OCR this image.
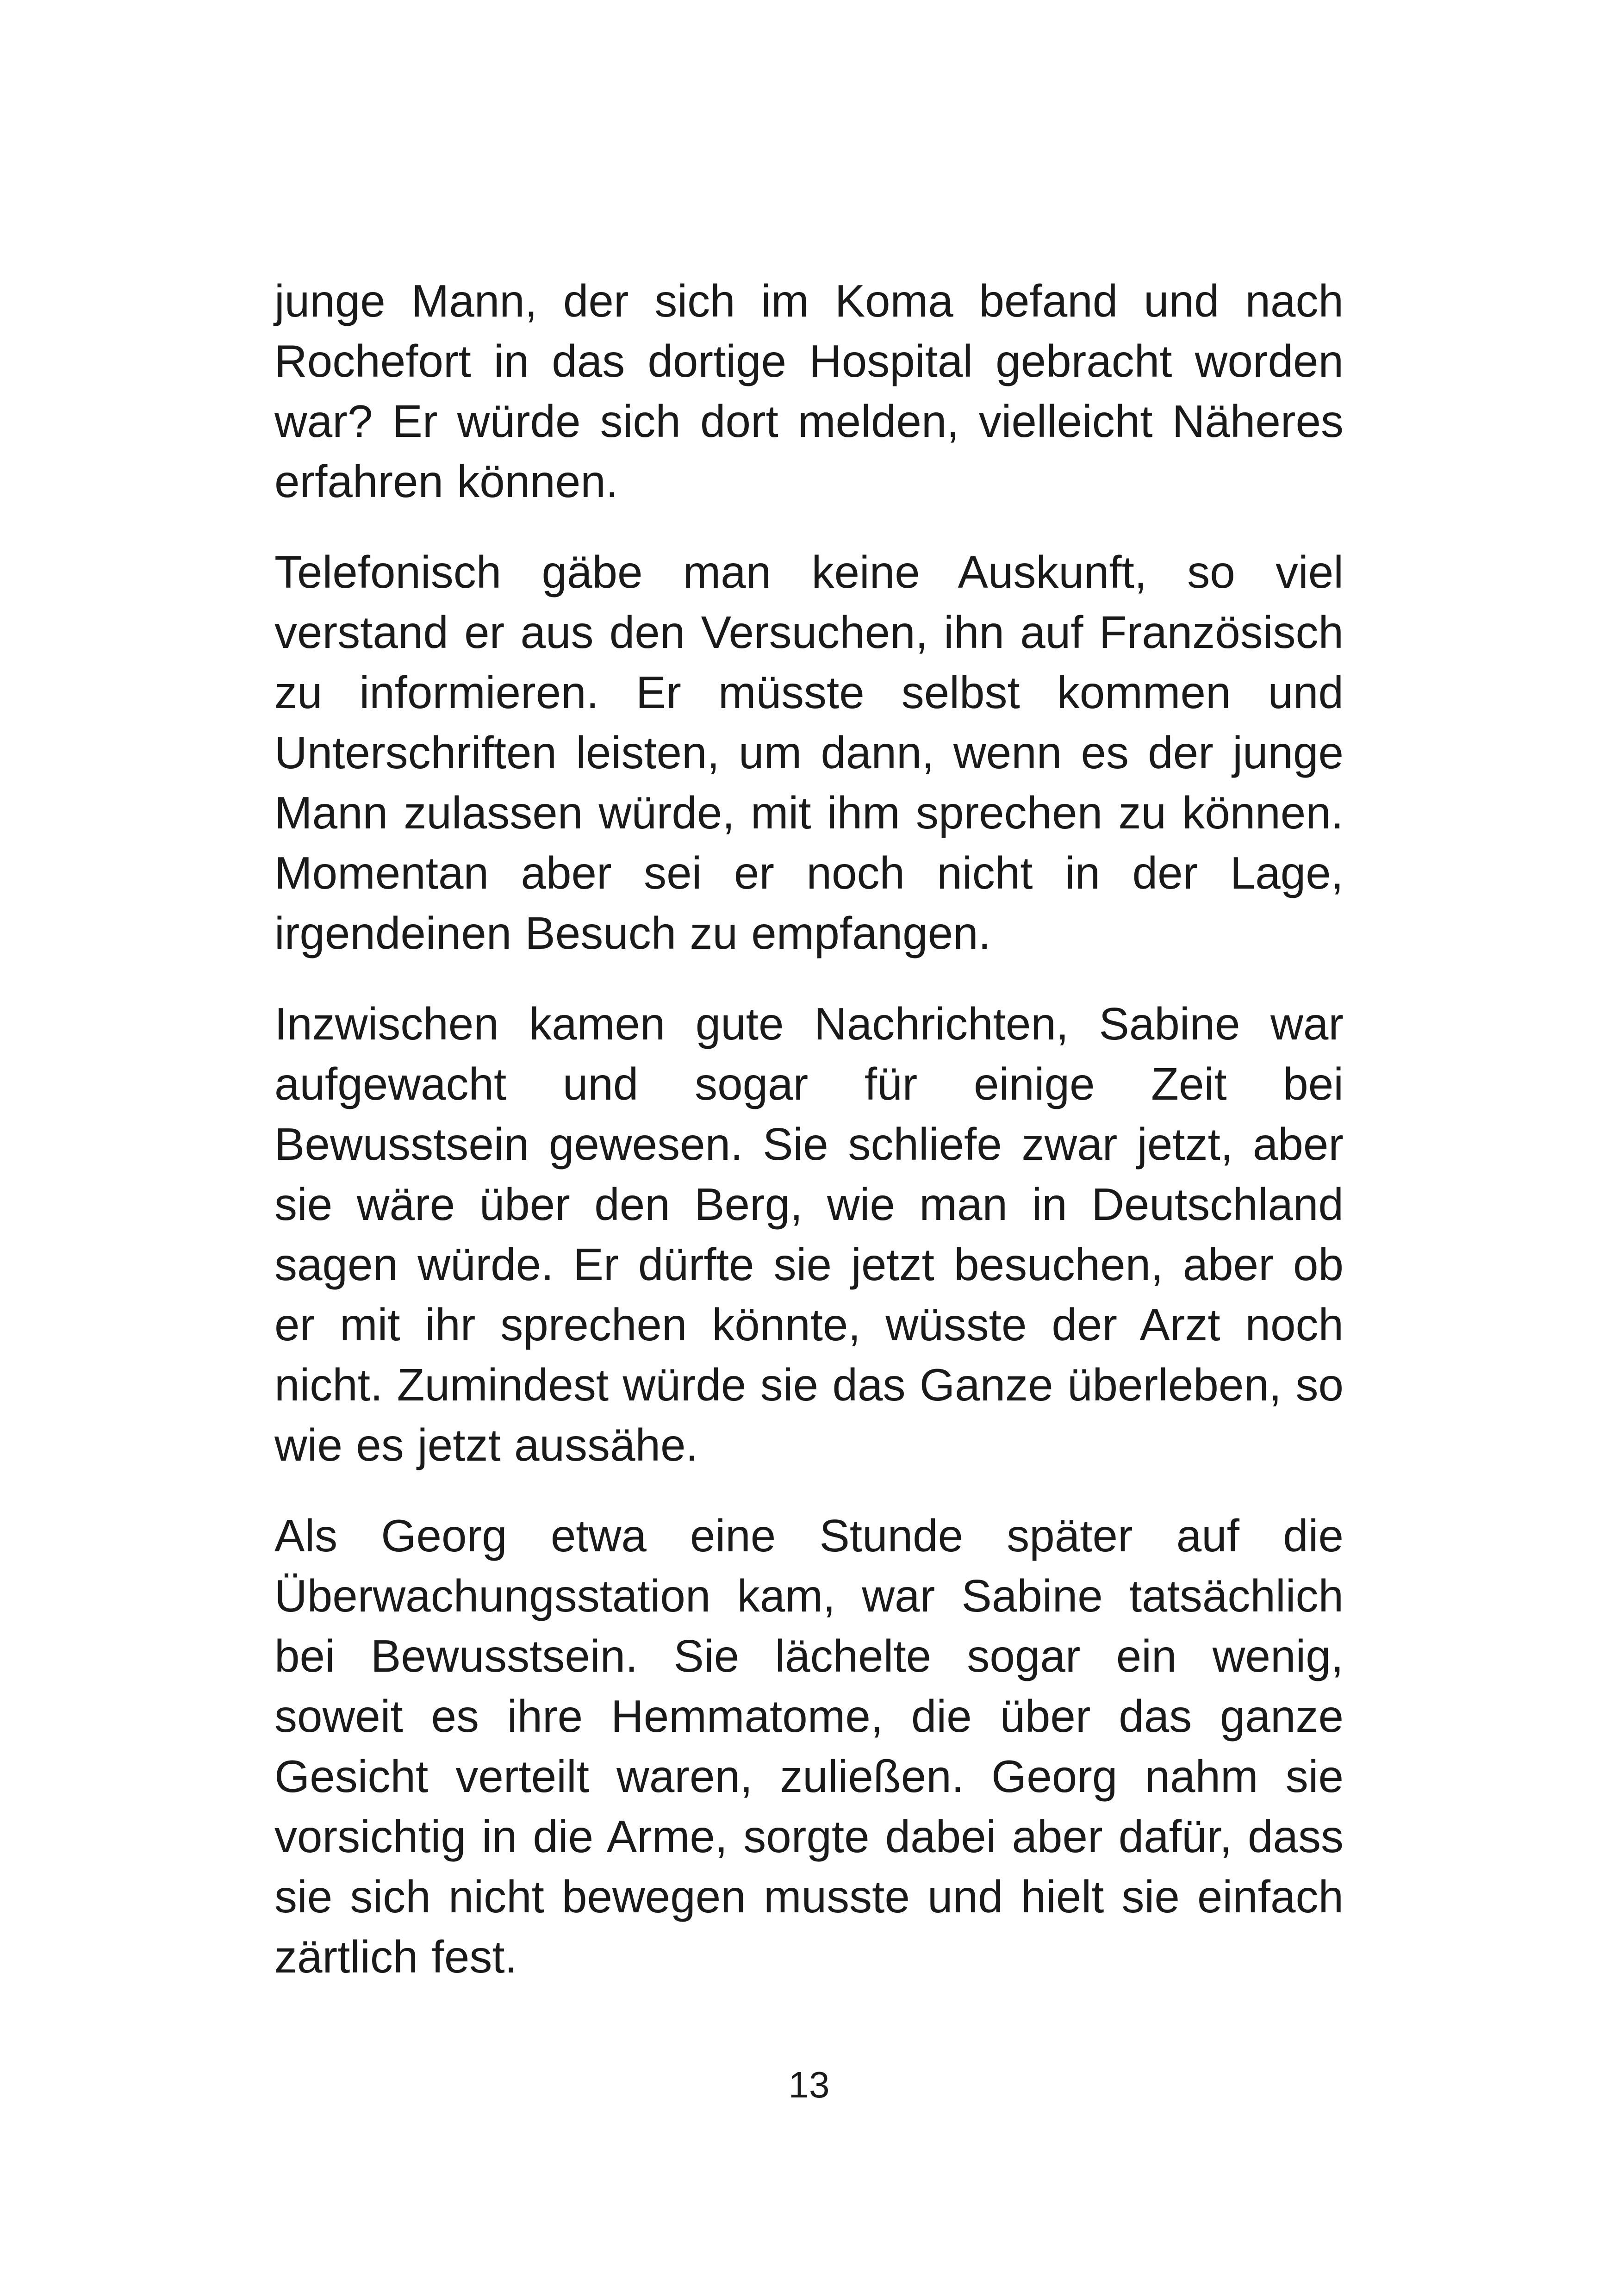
junge Mann, der sich im Koma befand und nach Rochefort in das dortige Hospital gebracht worden war? Er würde sich dort melden, vielleicht Näheres erfahren können.

Telefonisch gäbe man keine Auskunft, so viel verstand er aus den Versuchen, ihn auf Französisch zu informieren. Er müsste selbst kommen und Unterschriften leisten, um dann, wenn es der junge Mann zulassen würde, mit ihm sprechen zu können. Momentan aber sei er noch nicht in der Lage, irgendeinen Besuch zu empfangen.

Inzwischen kamen gute Nachrichten, Sabine war aufgewacht und sogar für einige Zeit bei Bewusstsein gewesen. Sie schliefe zwar jetzt, aber sie wäre über den Berg, wie man in Deutschland sagen würde. Er dürfte sie jetzt besuchen, aber ob er mit ihr sprechen könnte, wüsste der Arzt noch nicht. Zumindest würde sie das Ganze überleben, so wie es jetzt aussähe.

Als Georg etwa eine Stunde später auf die Überwachungsstation kam, war Sabine tatsächlich bei Bewusstsein. Sie lächelte sogar ein wenig, soweit es ihre Hemmatome, die über das ganze Gesicht verteilt waren, zuließen. Georg nahm sie vorsichtig in die Arme, sorgte dabei aber dafür, dass sie sich nicht bewegen musste und hielt sie einfach zärtlich fest.

13
